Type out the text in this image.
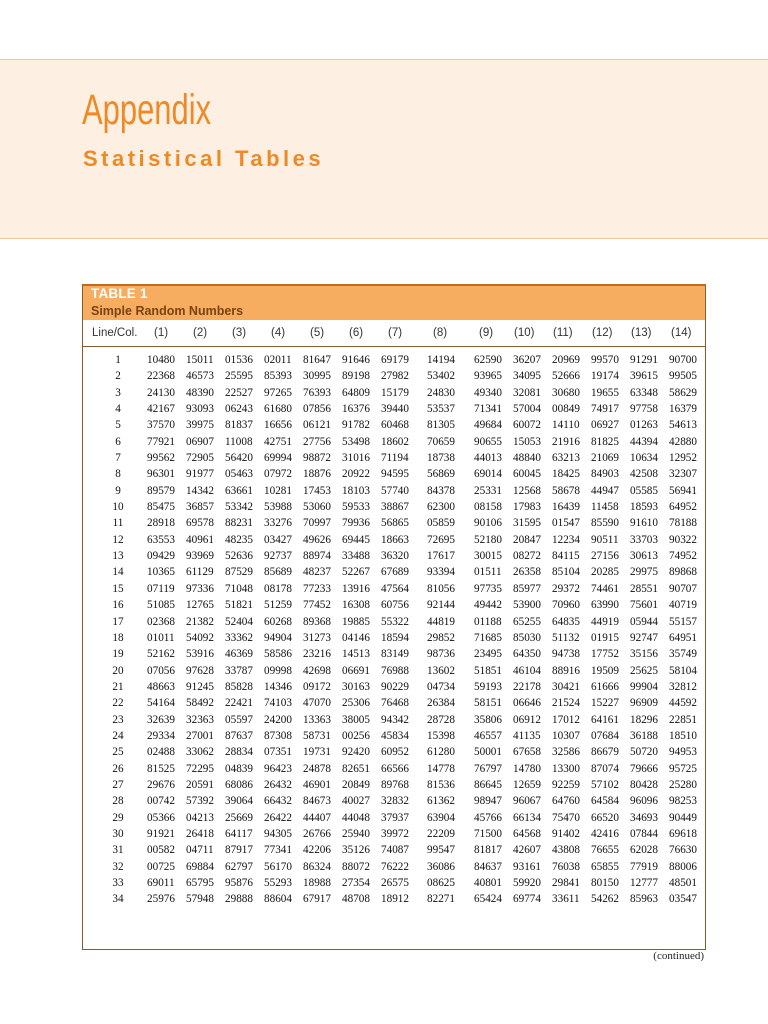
Appendix
Statistical Tables
TABLE 1
Simple Random Numbers
Line/Col. (1) (2) (3) (4) (5) (6) (7)	(8)	(9) (10) (11) (12) (13) (14)
1	10480 15011 01536 02011 81647 91646 69179 14194 62590 36207 20969 99570 91291 90700
2	22368 46573 25595 85393 30995 89198 27982 53402 93965 34095 52666 19174 39615 99505
3	24130 48390 22527 97265 76393 64809 15179 24830 49340 32081 30680 19655 63348 58629
4	42167 93093 06243 61680 07856 16376 39440 53537 71341 57004 00849 74917 97758 16379
5	37570 39975 81837 16656 06121 91782 60468 81305 49684 60072 14110 06927 01263 54613
6	77921 06907 11008 42751 27756 53498 18602 70659 90655 15053 21916 81825 44394 42880
7	99562 72905 56420 69994 98872 31016 71194 18738 44013 48840 63213 21069 10634 12952
8	96301 91977 05463 07972 18876 20922 94595 56869 69014 60045 18425 84903 42508 32307
9	89579 14342 63661 10281 17453 18103 57740 84378 25331 12568 58678 44947 05585 56941
10	85475 36857 53342 53988 53060 59533 38867 62300 08158 17983 16439 11458 18593 64952
11	28918 69578 88231 33276 70997 79936 56865 05859 90106 31595 01547 85590 91610 78188
12	63553 40961 48235 03427 49626 69445 18663 72695 52180 20847 12234 90511 33703 90322
13	09429 93969 52636 92737 88974 33488 36320 17617 30015 08272 84115 27156 30613 74952
14	10365 61129 87529 85689 48237 52267 67689 93394 01511 26358 85104 20285 29975 89868
15	07119 97336 71048 08178 77233 13916 47564 81056 97735 85977 29372 74461 28551 90707
16	51085 12765 51821 51259 77452 16308 60756 92144 49442 53900 70960 63990 75601 40719
17	02368 21382 52404 60268 89368 19885 55322 44819 01188 65255 64835 44919 05944 55157
18	01011 54092 33362 94904 31273 04146 18594 29852 71685 85030 51132 01915 92747 64951
19	52162 53916 46369 58586 23216 14513 83149 98736 23495 64350 94738 17752 35156 35749
20	07056 97628 33787 09998 42698 06691 76988 13602 51851 46104 88916 19509 25625 58104
21	48663 91245 85828 14346 09172 30163 90229 04734 59193 22178 30421 61666 99904 32812
22	54164 58492 22421 74103 47070 25306 76468 26384 58151 06646 21524 15227 96909 44592
23	32639 32363 05597 24200 13363 38005 94342 28728 35806 06912 17012 64161 18296 22851
24	29334 27001 87637 87308 58731 00256 45834 15398 46557 41135 10307 07684 36188 18510
25	02488 33062 28834 07351 19731 92420 60952 61280 50001 67658 32586 86679 50720 94953
26	81525 72295 04839 96423 24878 82651 66566 14778 76797 14780 13300 87074 79666 95725
27	29676 20591 68086 26432 46901 20849 89768 81536 86645 12659 92259 57102 80428 25280
28	00742 57392 39064 66432 84673 40027 32832 61362 98947 96067 64760 64584 96096 98253
29	05366 04213 25669 26422 44407 44048 37937 63904 45766 66134 75470 66520 34693 90449
30	91921 26418 64117 94305 26766 25940 39972 22209 71500 64568 91402 42416 07844 69618
31	00582 04711 87917 77341 42206 35126 74087 99547 81817 42607 43808 76655 62028 76630
32	00725 69884 62797 56170 86324 88072 76222 36086 84637 93161 76038 65855 77919 88006
33	69011 65795 95876 55293 18988 27354 26575 08625 40801 59920 29841 80150 12777 48501
34	25976 57948 29888 88604 67917 48708 18912 82271 65424 69774 33611 54262 85963 03547
(continued)
